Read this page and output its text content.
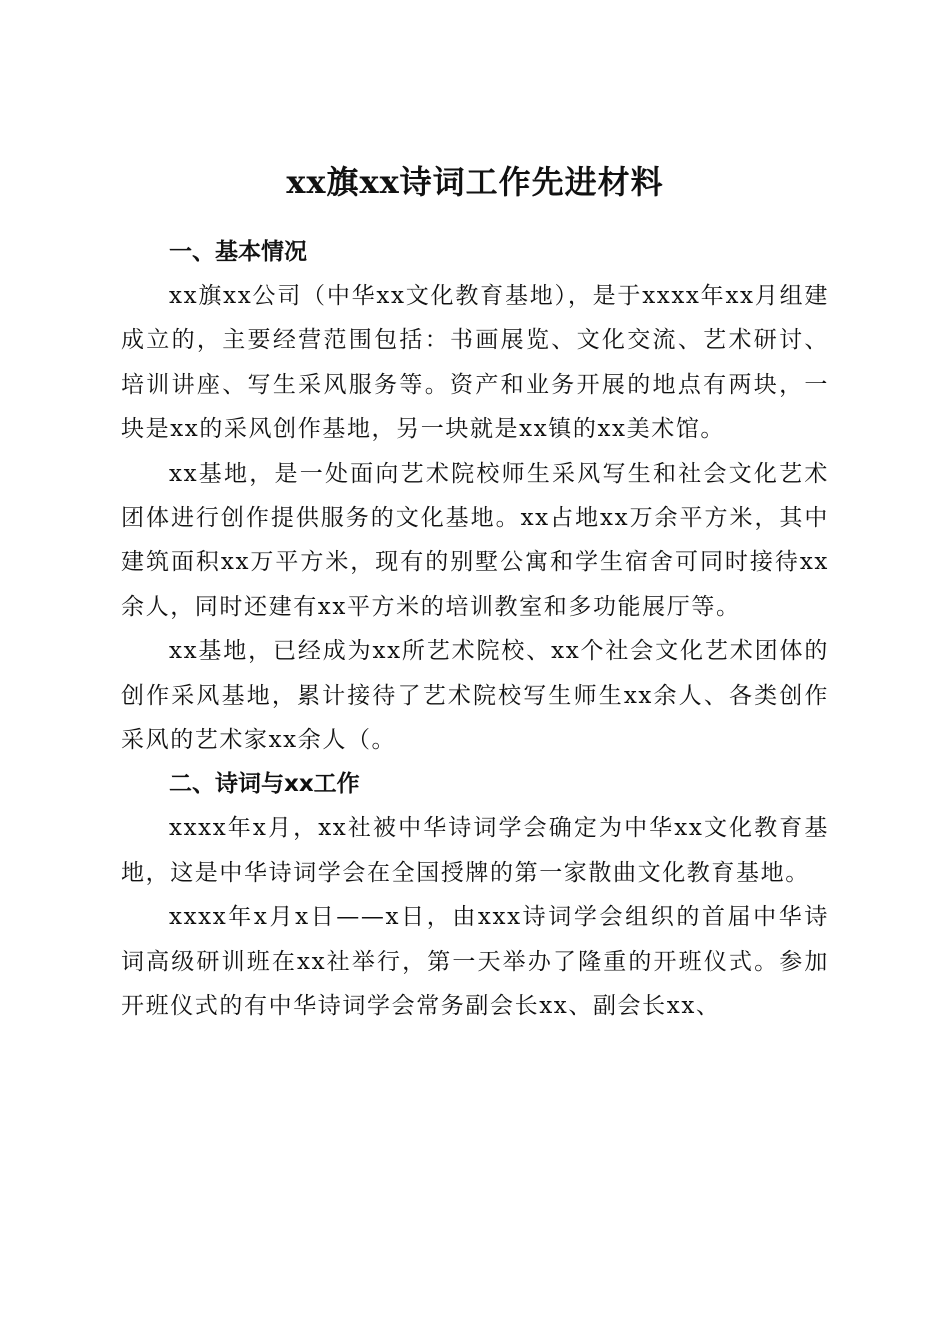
xx旗xx诗词工作先进材料
一、基本情况

xx旗xx公司（中华xx文化教育基地），是于xxxx年xx月组建成立的，主要经营范围包括：书画展览、文化交流、艺术研讨、培训讲座、写生采风服务等。资产和业务开展的地点有两块，一块是xx的采风创作基地，另一块就是xx镇的xx美术馆。

xx基地，是一处面向艺术院校师生采风写生和社会文化艺术团体进行创作提供服务的文化基地。xx占地xx万余平方米，其中建筑面积xx万平方米，现有的别墅公寓和学生宿舍可同时接待xx余人，同时还建有xx平方米的培训教室和多功能展厅等。

xx基地，已经成为xx所艺术院校、xx个社会文化艺术团体的创作采风基地，累计接待了艺术院校写生师生xx余人、各类创作采风的艺术家xx余人（。

二、诗词与xx工作

xxxx年x月，xx社被中华诗词学会确定为中华xx文化教育基地，这是中华诗词学会在全国授牌的第一家散曲文化教育基地。

xxxx年x月x日——x日，由xxx诗词学会组织的首届中华诗词高级研训班在xx社举行，第一天举办了隆重的开班仪式。参加开班仪式的有中华诗词学会常务副会长xx、副会长xx、
